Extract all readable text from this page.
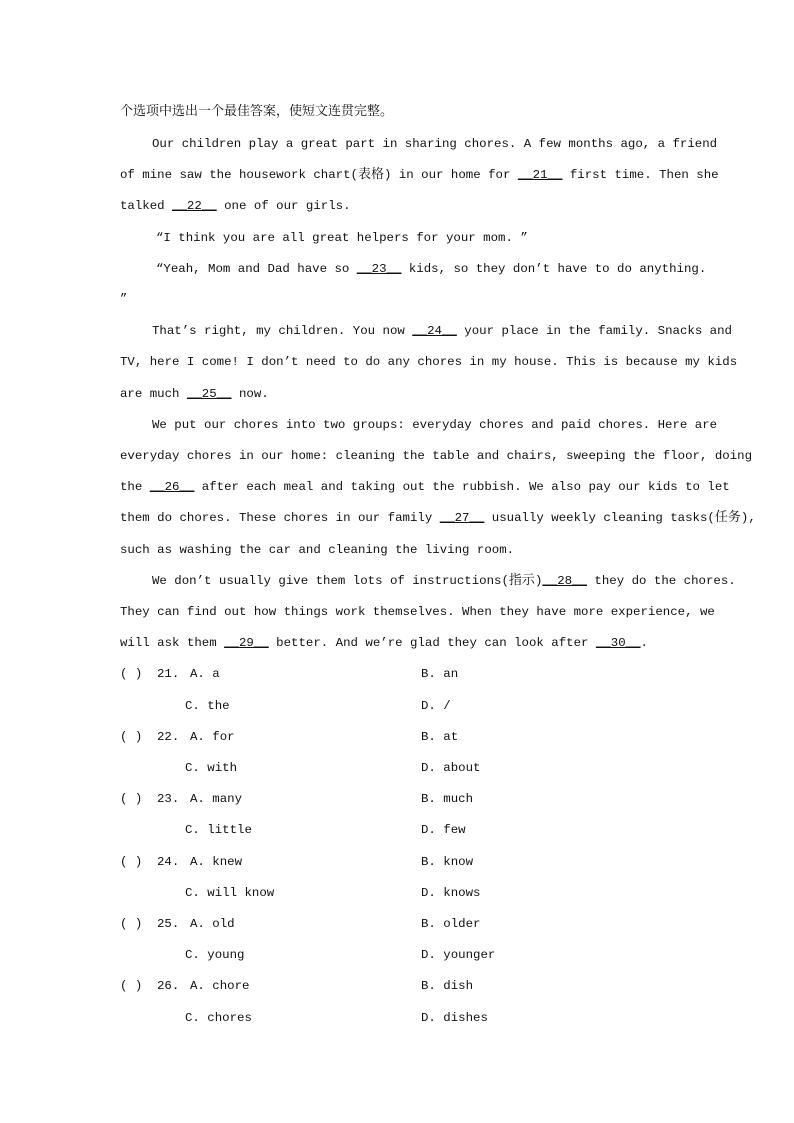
个选项中选出一个最佳答案，使短文连贯完整。
Our children play a great part in sharing chores. A few months ago, a friend
of mine saw the housework chart(表格) in our home for __21__ first time. Then she
talked __22__ one of our girls.
“I think you are all great helpers for your mom. ”
“Yeah, Mom and Dad have so __23__ kids, so they don’t have to do anything.
”
That’s right, my children. You now __24__ your place in the family. Snacks and
TV, here I come! I don’t need to do any chores in my house. This is because my kids
are much __25__ now.
We put our chores into two groups: everyday chores and paid chores. Here are
everyday chores in our home: cleaning the table and chairs, sweeping the floor, doing
the __26__ after each meal and taking out the rubbish. We also pay our kids to let
them do chores. These chores in our family __27__ usually weekly cleaning tasks(任务),
such as washing the car and cleaning the living room.
We don’t usually give them lots of instructions(指示)__28__ they do the chores.
They can find out how things work themselves. When they have more experience, we
will ask them __29__ better. And we’re glad they can look after __30__.
( ) 21. A. a	B. an
C. the	D. /
( ) 22. A. for	B. at
C. with	D. about
( ) 23. A. many	B. much
C. little	D. few
( ) 24. A. knew	B. know
C. will know	D. knows
( ) 25. A. old	B. older
C. young	D. younger
( ) 26. A. chore	B. dish
C. chores	D. dishes
